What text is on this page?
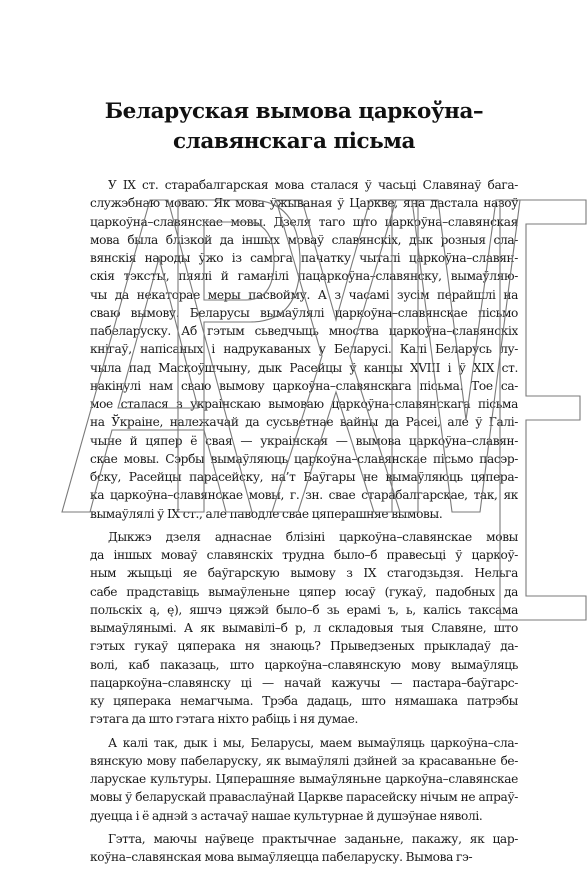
Беларуская вымова царкоўна–
славянскага пісьма

У IX ст. старабалгарская мова сталася ў часьці Славянаў бага-
служэбнаю моваю. Як мова ўжываная ў Царкве, яна дастала назоў
царкоўна–славянскае мовы. Дзеля таго што царкоўна–славянская
мова была блізкой да іншых моваў славянскіх, дык розныя сла-
вянскія народы ўжо із самога пачатку чыталі царкоўна–славян-
скія тэксты, пяялі й гаманілі пацаркоўна–славянску, вымаўляю-
чы да некаторае меры пасвойму. А з часамі зусім перайшлі на
сваю вымову. Беларусы вымаўлялі царкоўна–славянскае пісьмо
пабеларуску. Аб гэтым сьведчыць мноства царкоўна–славянскіх
кнігаў, напісаных і надрукаваных у Беларусі. Калі Беларусь лу-
чыла пад Маскоўшчыну, дык Расейцы ў канцы XVIII і ў XIX ст.
накінулі нам сваю вымову царкоўна–славянскага пісьма. Тое са-
мое сталася з украінскаю вымоваю царкоўна–славянскага пісьма
на Ўкраіне, належачай да сусьветнае вайны да Расеі, але ў Галі-
чыне й цяпер ё свая — украінская — вымова царкоўна–славян-
скае мовы. Сэрбы вымаўляюць царкоўна–славянскае пісьмо пасэр-
бску, Расейцы парасейску, на’т Баўгары не вымаўляюць цяпера-
ка царкоўна–славянскае мовы, г. зн. свае старабалгарскае, так, як
вымаўлялі ў IX ст., але паводле свае цяперашняе вымовы.

Дыкжэ дзеля аднаснае блізіні царкоўна–славянскае мовы
да іншых моваў славянскіх трудна было–б правесьці ў царкоў-
ным жыцьці яе баўгарскую вымову з IX стагодзьдзя. Нельга
сабе прадставіць вымаўленьне цяпер юсаў (гукаў, падобных да
польскіх ą, ę), яшчэ цяжэй было–б зь ерамі ъ, ь, калісь таксама
вымаўлянымі. А як вымавілі–б р, л складовыя тыя Славяне, што
гэтых гукаў цяперака ня знаюць? Прыведзеных прыкладаў да-
волі, каб паказаць, што царкоўна–славянскую мову вымаўляць
пацаркоўна–славянску ці — начай кажучы — пастара–баўгарс-
ку цяперака немагчыма. Трэба дадаць, што нямашака патрэбы
гэтага да што гэтага ніхто рабіць і ня думае.

А калі так, дык і мы, Беларусы, маем вымаўляць царкоўна–сла-
вянскую мову пабеларуску, як вымаўлялі дзйней за красаваньне бе-
ларускае культуры. Цяперашняе вымаўляньне царкоўна–славянскае
мовы ў беларускай праваслаўнай Царкве парасейску нічым не апраў-
дуецца і ё аднэй з астачаў нашае культурнае й душэўнае няволі.

Гэтта, маючы наўвеце практычнае заданьне, пакажу, як цар-
коўна–славянская мова вымаўляецца пабеларуску. Вымова гэ-
